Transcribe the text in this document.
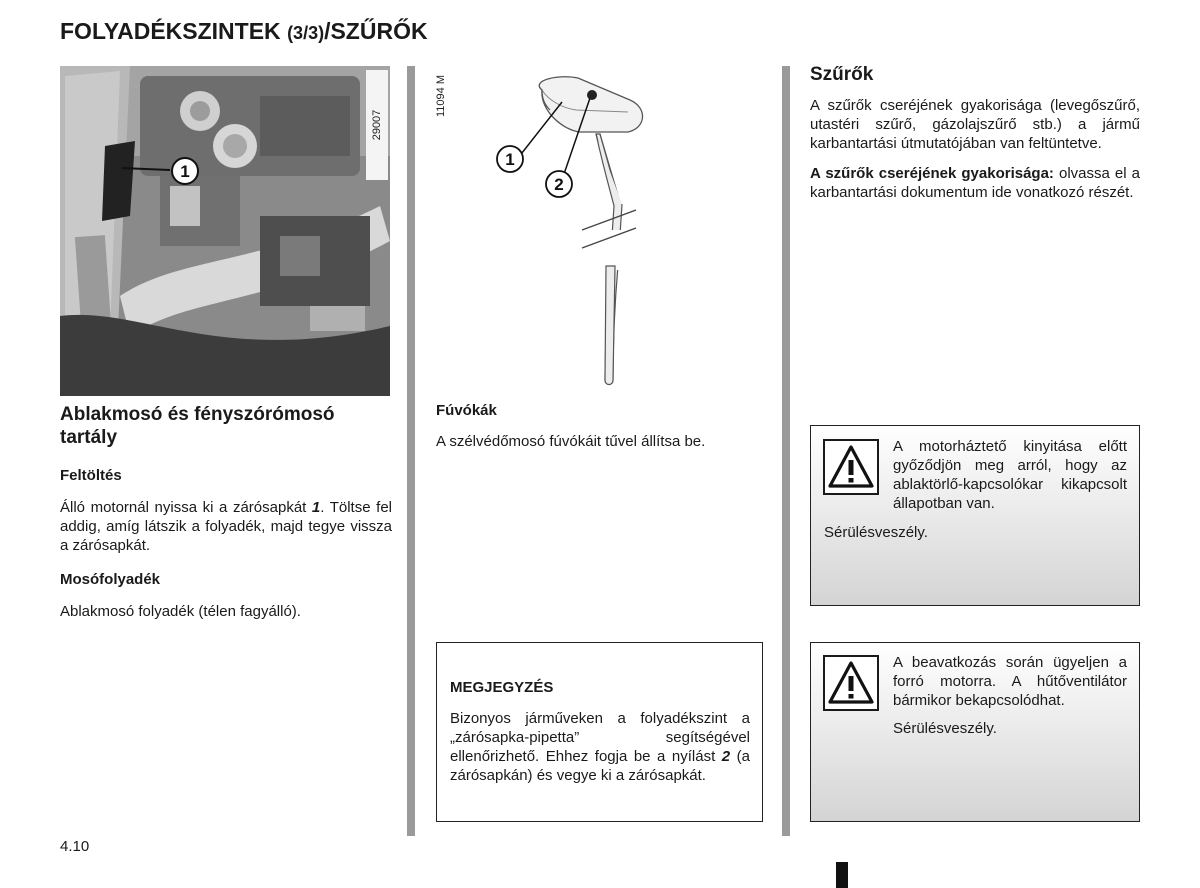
FOLYADÉKSZINTEK (3/3)/SZŰRŐK
1
29007
Ablakmosó és fényszórómosó tartály
Feltöltés

Álló motornál nyissa ki a zárósapkát 1. Töltse fel addig, amíg látszik a folyadék, majd tegye vissza a zárósapkát.

Mosófolyadék

Ablakmosó folyadék (télen fagyálló).

11094 M
1
2
Fúvókák

A szélvédőmosó fúvókáit tűvel állítsa be.

MEGJEGYZÉS

Bizonyos járműveken a folyadékszint a „zárósapka-pipetta” segítségével ellenőrizhető. Ehhez fogja be a nyílást 2 (a zárósapkán) és vegye ki a zárósapkát.

Szűrők

A szűrők cseréjének gyakorisága (levegőszűrő, utastéri szűrő, gázolajszűrő stb.) a jármű karbantartási útmutatójában van feltüntetve.

A szűrők cseréjének gyakorisága: olvassa el a karbantartási dokumentum ide vonatkozó részét.

A motorháztető kinyitása előtt győződjön meg arról, hogy az ablaktörlő-kapcsolókar kikapcsolt állapotban van.

Sérülésveszély.

A beavatkozás során ügyeljen a forró motorra. A hűtőventilátor bármikor bekapcsolódhat.

Sérülésveszély.

4.10
